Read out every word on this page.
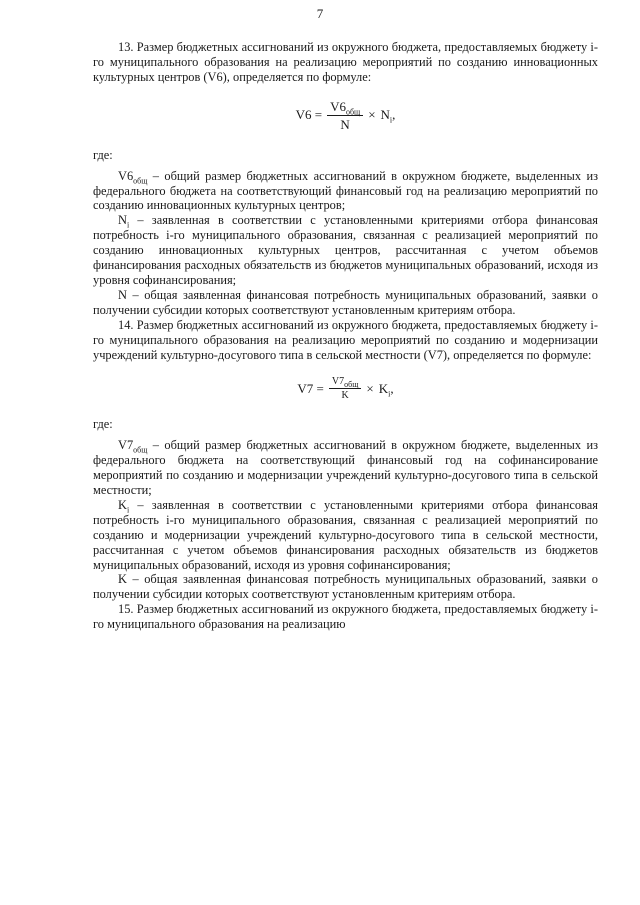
7

13. Размер бюджетных ассигнований из окружного бюджета, предоставляемых бюджету i-го муниципального образования на реализацию мероприятий по созданию инновационных культурных центров (V6), определяется по формуле:

$V6 = \frac{V6_{общ}}{N} \times N_i$,

где:

$V6_{общ}$ – общий размер бюджетных ассигнований в окружном бюджете, выделенных из федерального бюджета на соответствующий финансовый год на реализацию мероприятий по созданию инновационных культурных центров;

$N_i$ – заявленная в соответствии с установленными критериями отбора финансовая потребность i-го муниципального образования, связанная с реализацией мероприятий по созданию инновационных культурных центров, рассчитанная с учетом объемов финансирования расходных обязательств из бюджетов муниципальных образований, исходя из уровня софинансирования;

N – общая заявленная финансовая потребность муниципальных образований, заявки о получении субсидии которых соответствуют установленным критериям отбора.

14. Размер бюджетных ассигнований из окружного бюджета, предоставляемых бюджету i-го муниципального образования на реализацию мероприятий по созданию и модернизации учреждений культурно-досугового типа в сельской местности (V7), определяется по формуле:

$V7 = \frac{V7_{общ}}{K} \times K_i$,

где:

$V7_{общ}$ – общий размер бюджетных ассигнований в окружном бюджете, выделенных из федерального бюджета на соответствующий финансовый год на софинансирование мероприятий по созданию и модернизации учреждений культурно-досугового типа в сельской местности;

$K_i$ – заявленная в соответствии с установленными критериями отбора финансовая потребность i-го муниципального образования, связанная с реализацией мероприятий по созданию и модернизации учреждений культурно-досугового типа в сельской местности, рассчитанная с учетом объемов финансирования расходных обязательств из бюджетов муниципальных образований, исходя из уровня софинансирования;

K – общая заявленная финансовая потребность муниципальных образований, заявки о получении субсидии которых соответствуют установленным критериям отбора.

15. Размер бюджетных ассигнований из окружного бюджета, предоставляемых бюджету i-го муниципального образования на реализацию
